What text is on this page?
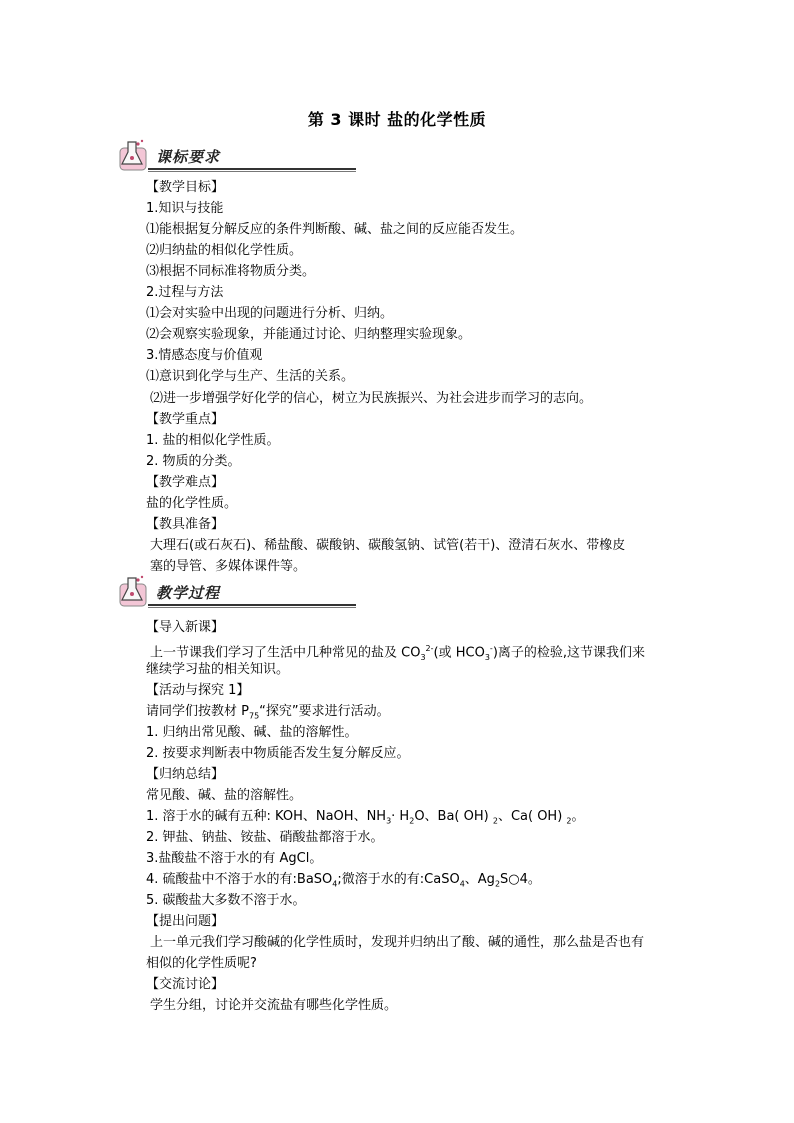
第 3 课时 盐的化学性质
课标要求
【教学目标】
1.知识与技能
⑴能根据复分解反应的条件判断酸、碱、盐之间的反应能否发生。
⑵归纳盐的相似化学性质。
⑶根据不同标准将物质分类。
2.过程与方法
⑴会对实验中出现的问题进行分析、归纳。
⑵会观察实验现象，并能通过讨论、归纳整理实验现象。
3.情感态度与价值观
⑴意识到化学与生产、生活的关系。
⑵进一步增强学好化学的信心，树立为民族振兴、为社会进步而学习的志向。
【教学重点】
1. 盐的相似化学性质。
2. 物质的分类。
【教学难点】
盐的化学性质。
【教具准备】
大理石(或石灰石)、稀盐酸、碳酸钠、碳酸氢钠、试管(若干)、澄清石灰水、带橡皮
塞的导管、多媒体课件等。
教学过程
【导入新课】
上一节课我们学习了生活中几种常见的盐及 $CO_3^{2-}$(或 $HCO_3^-$)离子的检验,这节课我们来
继续学习盐的相关知识。
【活动与探究 1】
请同学们按教材 $P_{75}“$探究”要求进行活动。
1. 归纳出常见酸、碱、盐的溶解性。
2. 按要求判断表中物质能否发生复分解反应。
【归纳总结】
常见酸、碱、盐的溶解性。
1. 溶于水的碱有五种: KOH、NaOH、$NH_3\cdot H_2O$、Ba( OH) $_2$、Ca( OH) $_2$。
2. 钾盐、钠盐、铵盐、硝酸盐都溶于水。
3.盐酸盐不溶于水的有 AgCl。
4. 硫酸盐中不溶于水的有:BaSO$_4$;微溶于水的有:CaSO$_4$、$Ag_2S○4$。
5. 碳酸盐大多数不溶于水。
【提出问题】
上一单元我们学习酸碱的化学性质时，发现并归纳出了酸、碱的通性，那么盐是否也有
相似的化学性质呢?
【交流讨论】
学生分组，讨论并交流盐有哪些化学性质。
